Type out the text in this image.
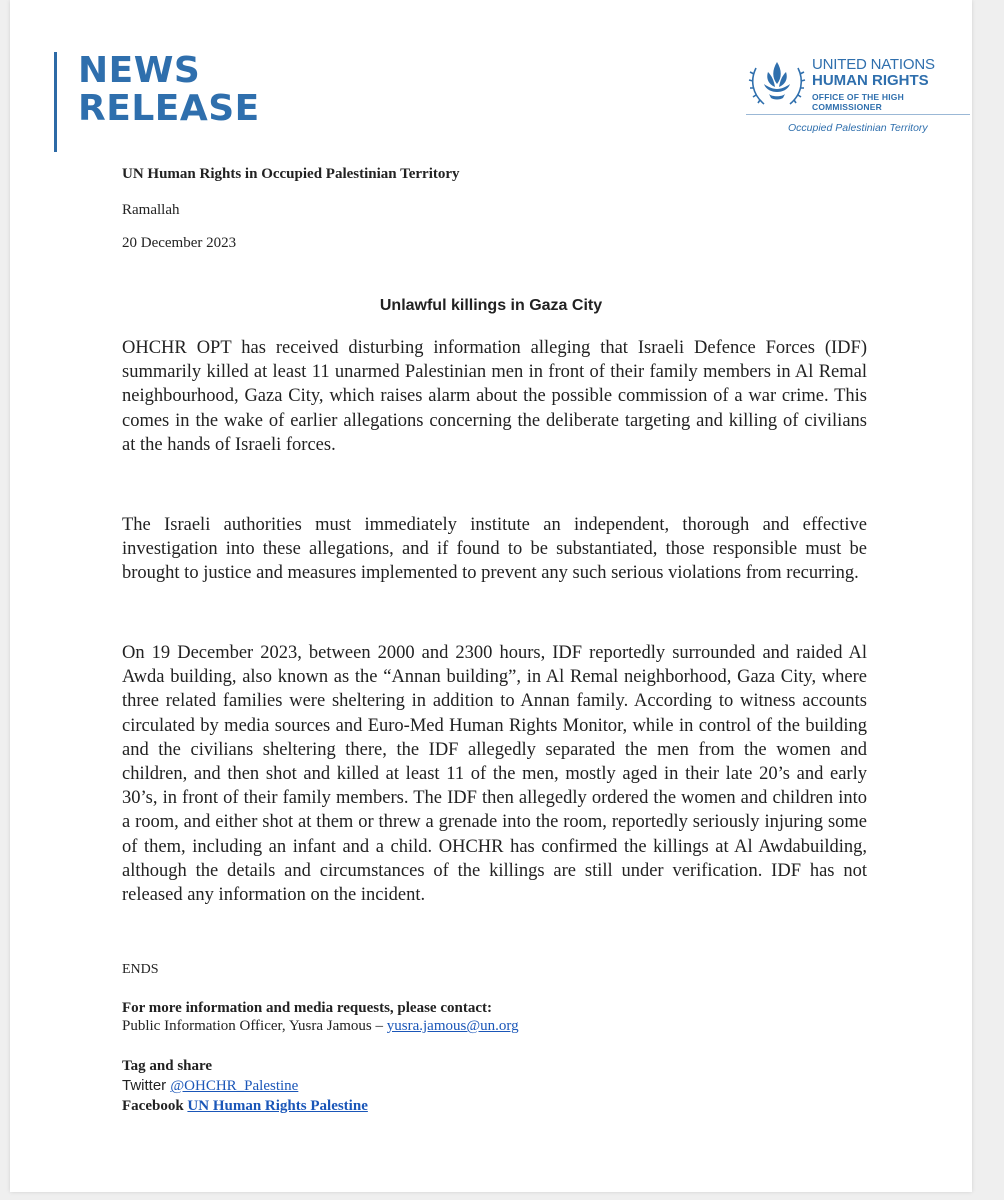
NEWS
RELEASE
UNITED NATIONS
HUMAN RIGHTS
OFFICE OF THE HIGH COMMISSIONER
Occupied Palestinian Territory
UN Human Rights in Occupied Palestinian Territory
Ramallah
20 December 2023
Unlawful killings in Gaza City

OHCHR OPT has received disturbing information alleging that Israeli Defence Forces (IDF) summarily killed at least 11 unarmed Palestinian men in front of their family members in Al Remal neighbourhood, Gaza City, which raises alarm about the possible commission of a war crime. This comes in the wake of earlier allegations concerning the deliberate targeting and killing of civilians at the hands of Israeli forces.

The Israeli authorities must immediately institute an independent, thorough and effective investigation into these allegations, and if found to be substantiated, those responsible must be brought to justice and measures implemented to prevent any such serious violations from recurring.

On 19 December 2023, between 2000 and 2300 hours, IDF reportedly surrounded and raided Al Awda building, also known as the “Annan building”, in Al Remal neighborhood, Gaza City, where three related families were sheltering in addition to Annan family. According to witness accounts circulated by media sources and Euro-Med Human Rights Monitor, while in control of the building and the civilians sheltering there, the IDF allegedly separated the men from the women and children, and then shot and killed at least 11 of the men, mostly aged in their late 20’s and early 30’s, in front of their family members. The IDF then allegedly ordered the women and children into a room, and either shot at them or threw a grenade into the room, reportedly seriously injuring some of them, including an infant and a child. OHCHR has confirmed the killings at Al Awdabuilding, although the details and circumstances of the killings are still under verification. IDF has not released any information on the incident.

ENDS
For more information and media requests, please contact:
Public Information Officer, Yusra Jamous – yusra.jamous@un.org
Tag and share
Twitter @OHCHR_Palestine
Facebook UN Human Rights Palestine
